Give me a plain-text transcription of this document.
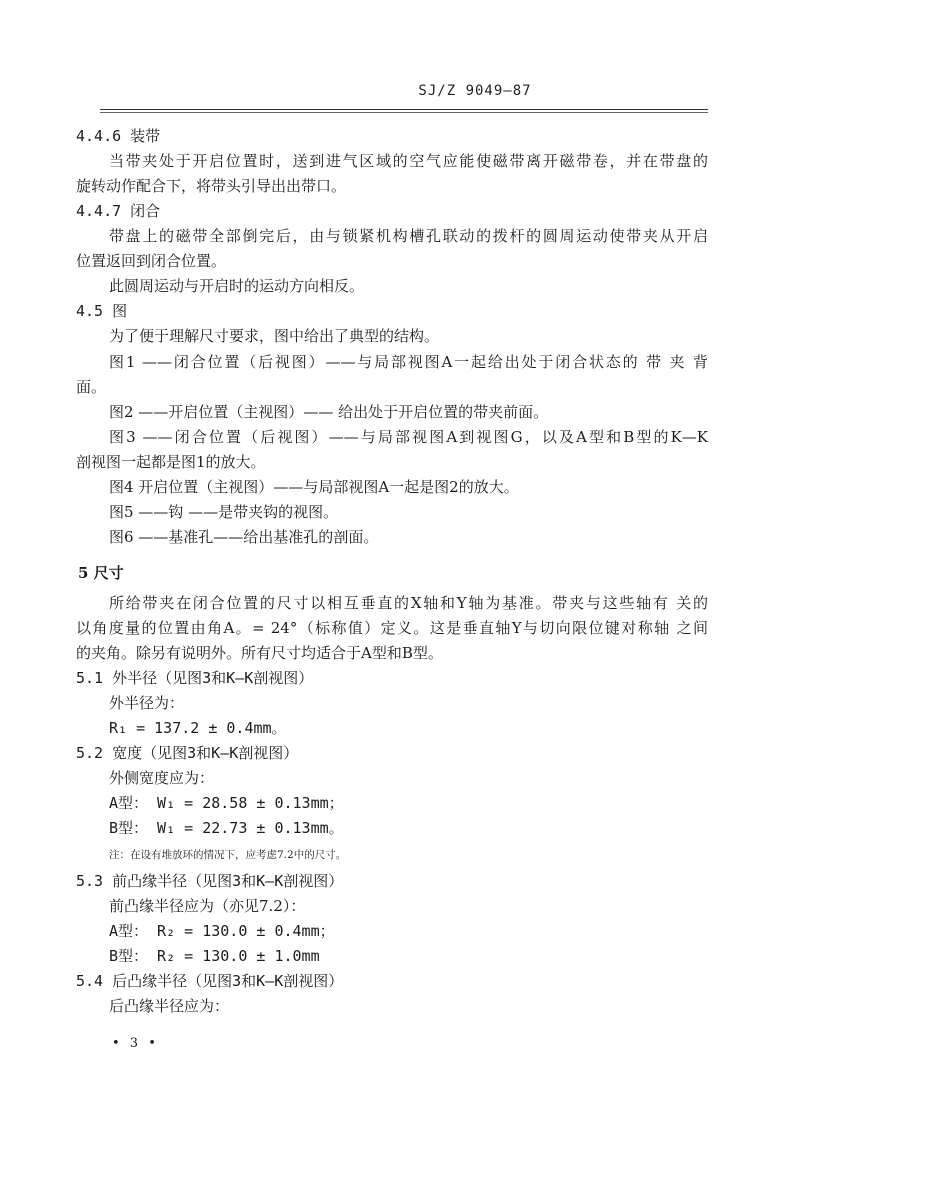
SJ/Z 9049—87
4.4.6 装带
当带夹处于开启位置时，送到进气区域的空气应能使磁带离开磁带卷，并在带盘的
旋转动作配合下，将带头引导出出带口。
4.4.7 闭合
带盘上的磁带全部倒完后，由与锁紧机构槽孔联动的拨杆的圆周运动使带夹从开启
位置返回到闭合位置。
此圆周运动与开启时的运动方向相反。
4.5 图
为了便于理解尺寸要求，图中给出了典型的结构。
图1 ——闭合位置（后视图）——与局部视图A一起给出处于闭合状态的 带 夹 背
面。
图2 ——开启位置（主视图）—— 给出处于开启位置的带夹前面。
图3 ——闭合位置（后视图）——与局部视图A到视图G，以及A型和B型的K—K
剖视图一起都是图1的放大。
图4 开启位置（主视图）——与局部视图A一起是图2的放大。
图5 ——钩 ——是带夹钩的视图。
图6 ——基准孔——给出基准孔的剖面。
5 尺寸
所给带夹在闭合位置的尺寸以相互垂直的X轴和Y轴为基准。带夹与这些轴有 关的
以角度量的位置由角A。= 24°（标称值）定义。这是垂直轴Y与切向限位键对称轴 之间
的夹角。除另有说明外。所有尺寸均适合于A型和B型。
5.1 外半径（见图3和K—K剖视图）
外半径为：
R₁ = 137.2 ± 0.4mm。
5.2 宽度（见图3和K—K剖视图）
外侧宽度应为：
A型： W₁ = 28.58 ± 0.13mm；
B型： W₁ = 22.73 ± 0.13mm。
注：在设有堆放环的情况下，应考虑7.2中的尺寸。
5.3 前凸缘半径（见图3和K—K剖视图）
前凸缘半径应为（亦见7.2）：
A型： R₂ = 130.0 ± 0.4mm；
B型： R₂ = 130.0 ± 1.0mm
5.4 后凸缘半径（见图3和K—K剖视图）
后凸缘半径应为：
• 3 •
